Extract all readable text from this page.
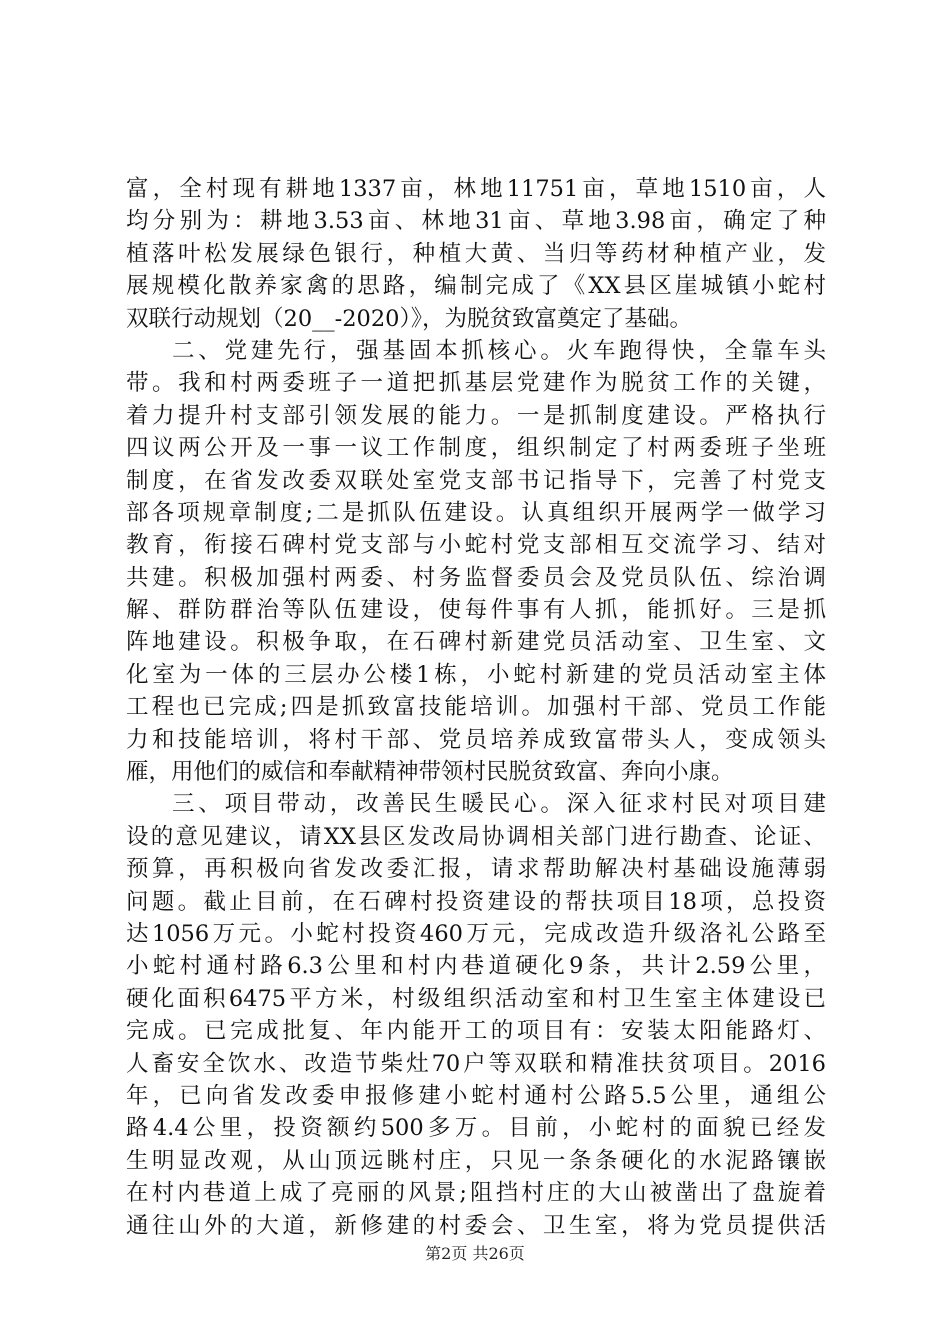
富，全村现有耕地1337亩，林地11751亩，草地1510亩，人
均分别为：耕地3.53亩、林地31亩、草地3.98亩，确定了种
植落叶松发展绿色银行，种植大黄、当归等药材种植产业，发
展规模化散养家禽的思路，编制完成了《XX县区崖城镇小蛇村
双联行动规划（20__-2020）》，为脱贫致富奠定了基础。
二、党建先行，强基固本抓核心。火车跑得快，全靠车头
带。我和村两委班子一道把抓基层党建作为脱贫工作的关键，
着力提升村支部引领发展的能力。一是抓制度建设。严格执行
四议两公开及一事一议工作制度，组织制定了村两委班子坐班
制度，在省发改委双联处室党支部书记指导下，完善了村党支
部各项规章制度;二是抓队伍建设。认真组织开展两学一做学习
教育，衔接石碑村党支部与小蛇村党支部相互交流学习、结对
共建。积极加强村两委、村务监督委员会及党员队伍、综治调
解、群防群治等队伍建设，使每件事有人抓，能抓好。三是抓
阵地建设。积极争取，在石碑村新建党员活动室、卫生室、文
化室为一体的三层办公楼1栋，小蛇村新建的党员活动室主体
工程也已完成;四是抓致富技能培训。加强村干部、党员工作能
力和技能培训，将村干部、党员培养成致富带头人，变成领头
雁，用他们的威信和奉献精神带领村民脱贫致富、奔向小康。
三、项目带动，改善民生暖民心。深入征求村民对项目建
设的意见建议，请XX县区发改局协调相关部门进行勘查、论证、
预算，再积极向省发改委汇报，请求帮助解决村基础设施薄弱
问题。截止目前，在石碑村投资建设的帮扶项目18项，总投资
达1056万元。小蛇村投资460万元，完成改造升级洛礼公路至
小蛇村通村路6.3公里和村内巷道硬化9条，共计2.59公里，
硬化面积6475平方米，村级组织活动室和村卫生室主体建设已
完成。已完成批复、年内能开工的项目有：安装太阳能路灯、
人畜安全饮水、改造节柴灶70户等双联和精准扶贫项目。2016
年，已向省发改委申报修建小蛇村通村公路5.5公里，通组公
路4.4公里，投资额约500多万。目前，小蛇村的面貌已经发
生明显改观，从山顶远眺村庄，只见一条条硬化的水泥路镶嵌
在村内巷道上成了亮丽的风景;阻挡村庄的大山被凿出了盘旋着
通往山外的大道，新修建的村委会、卫生室，将为党员提供活
第2页 共26页
